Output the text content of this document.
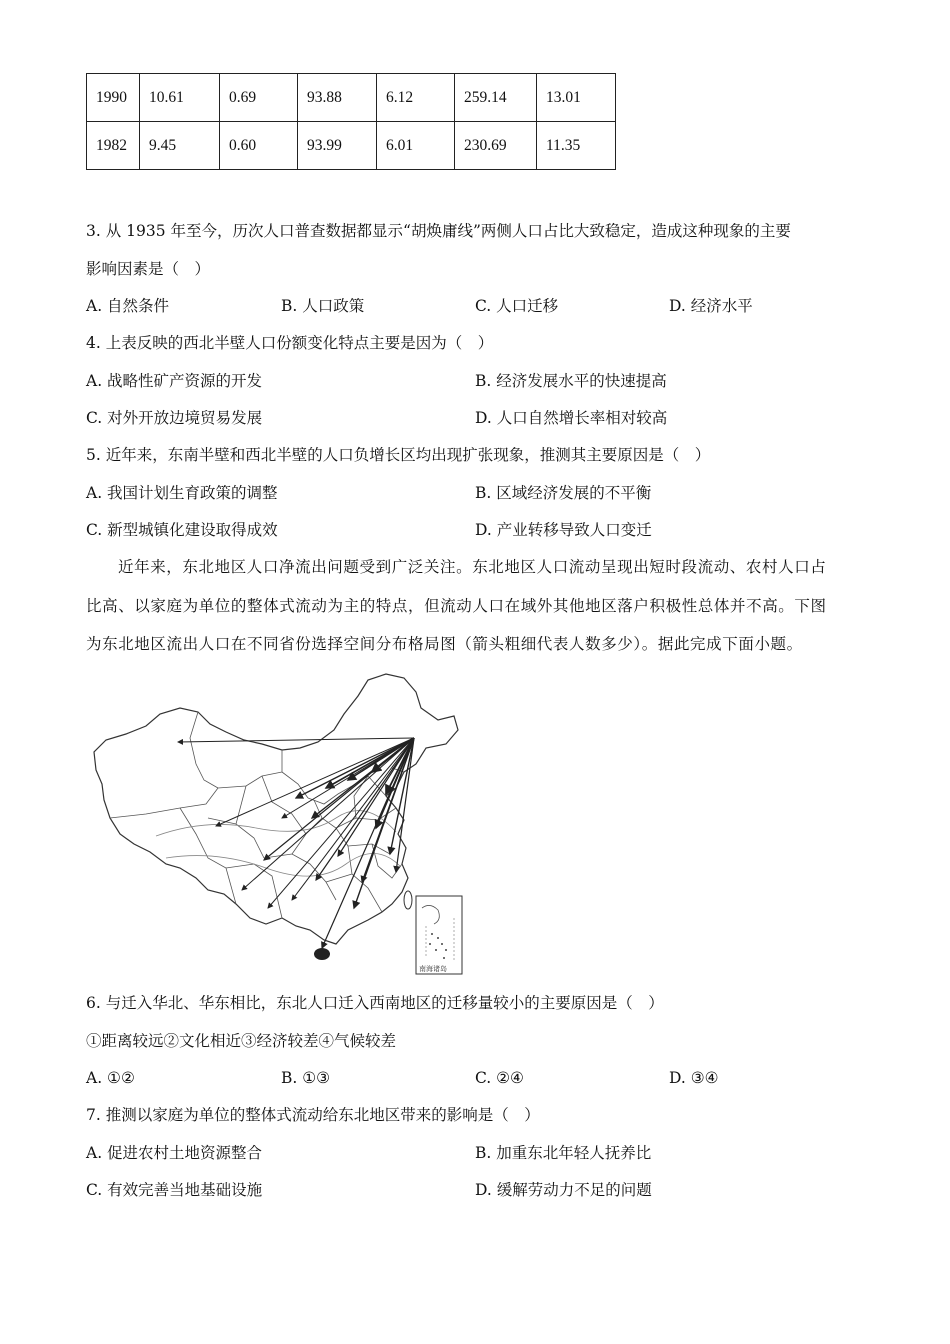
1990	10.61	0.69	93.88	6.12	259.14	13.01
1982	9.45	0.60	93.99	6.01	230.69	11.35
3. 从 1935 年至今，历次人口普查数据都显示“胡焕庸线”两侧人口占比大致稳定，造成这种现象的主要
影响因素是（　）
A. 自然条件	B. 人口政策	C. 人口迁移	D. 经济水平
4. 上表反映的西北半壁人口份额变化特点主要是因为（　）
A. 战略性矿产资源的开发	B. 经济发展水平的快速提高
C. 对外开放边境贸易发展	D. 人口自然增长率相对较高
5. 近年来，东南半壁和西北半壁的人口负增长区均出现扩张现象，推测其主要原因是（　）
A. 我国计划生育政策的调整	B. 区域经济发展的不平衡
C. 新型城镇化建设取得成效	D. 产业转移导致人口变迁
近年来，东北地区人口净流出问题受到广泛关注。东北地区人口流动呈现出短时段流动、农村人口占
比高、以家庭为单位的整体式流动为主的特点，但流动人口在域外其他地区落户积极性总体并不高。下图
为东北地区流出人口在不同省份选择空间分布格局图（箭头粗细代表人数多少）。据此完成下面小题。
南海诸岛
6. 与迁入华北、华东相比，东北人口迁入西南地区的迁移量较小的主要原因是（　）
①距离较远②文化相近③经济较差④气候较差
A. ①②	B. ①③	C. ②④	D. ③④
7. 推测以家庭为单位的整体式流动给东北地区带来的影响是（　）
A. 促进农村土地资源整合	B. 加重东北年轻人抚养比
C. 有效完善当地基础设施	D. 缓解劳动力不足的问题
